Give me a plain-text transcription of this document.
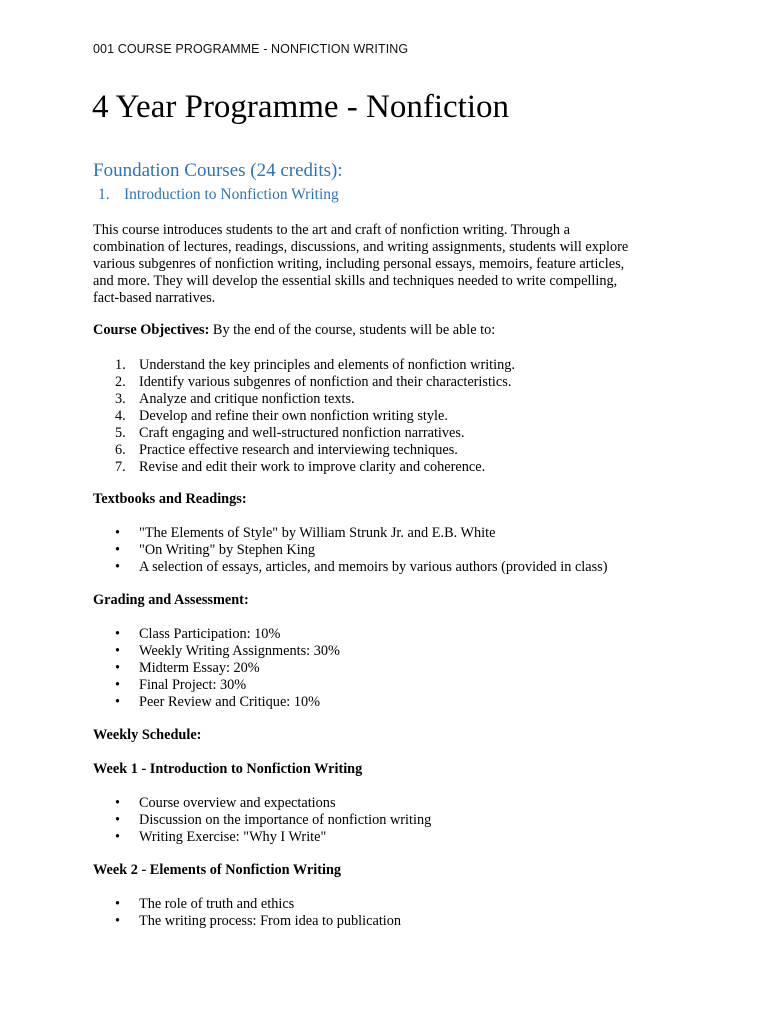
001 COURSE PROGRAMME - NONFICTION WRITING
4 Year Programme - Nonfiction
Foundation Courses (24 credits):
1. Introduction to Nonfiction Writing

This course introduces students to the art and craft of nonfiction writing. Through a
combination of lectures, readings, discussions, and writing assignments, students will explore
various subgenres of nonfiction writing, including personal essays, memoirs, feature articles,
and more. They will develop the essential skills and techniques needed to write compelling,
fact-based narratives.

Course Objectives: By the end of the course, students will be able to:

1. Understand the key principles and elements of nonfiction writing.
2. Identify various subgenres of nonfiction and their characteristics.
3. Analyze and critique nonfiction texts.
4. Develop and refine their own nonfiction writing style.
5. Craft engaging and well-structured nonfiction narratives.
6. Practice effective research and interviewing techniques.
7. Revise and edit their work to improve clarity and coherence.

Textbooks and Readings:

• "The Elements of Style" by William Strunk Jr. and E.B. White
• "On Writing" by Stephen King
• A selection of essays, articles, and memoirs by various authors (provided in class)

Grading and Assessment:

• Class Participation: 10%
• Weekly Writing Assignments: 30%
• Midterm Essay: 20%
• Final Project: 30%
• Peer Review and Critique: 10%

Weekly Schedule:

Week 1 - Introduction to Nonfiction Writing

• Course overview and expectations
• Discussion on the importance of nonfiction writing
• Writing Exercise: "Why I Write"

Week 2 - Elements of Nonfiction Writing

• The role of truth and ethics
• The writing process: From idea to publication
